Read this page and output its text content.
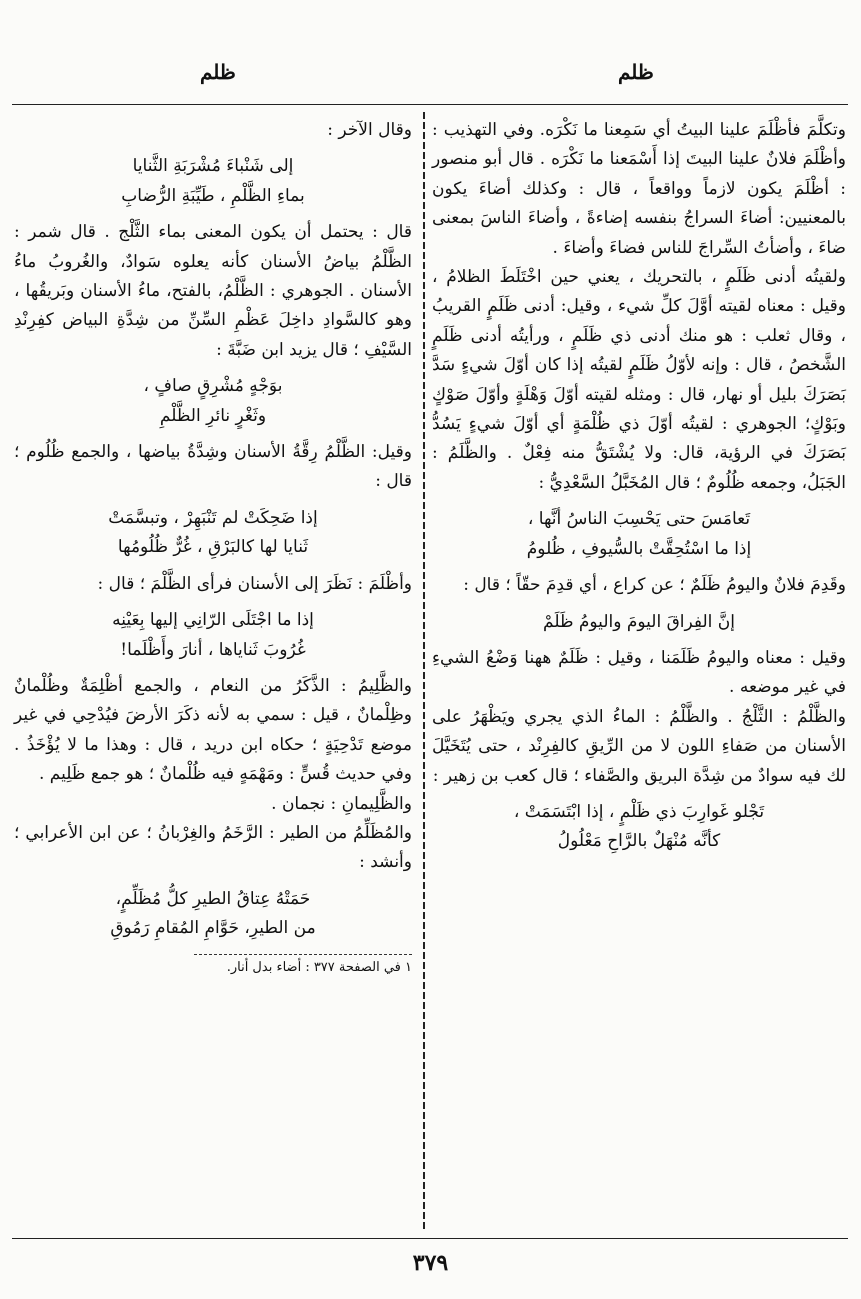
ظلم	ظلم

وتكلَّمَ فأظْلَمَ علينا البيتُ أي سَمِعنا ما نَكْرَه. وفي التهذيب : وأظْلَمَ فلانٌ علينا البيتَ إذا أَسْمَعنا ما نَكْرَه . قال أبو منصور : أظْلَمَ يكون لازماً وواقعاً ، قال : وكذلك أضاءَ يكون بالمعنيين: أضاءَ السراجُ بنفسه إضاءةً ، وأضاءَ الناسَ بمعنى ضاءَ ، وأضأتُ السِّراجَ للناس فضاءَ وأضاءَ .

ولقيتُه أدنى ظَلَمٍ ، بالتحريك ، يعني حين اخْتَلَطَ الظلامُ ، وقيل : معناه لقيته أوَّلَ كلِّ شيء ، وقيل: أدنى ظَلَمٍ القريبُ ، وقال ثعلب : هو منك أدنى ذي ظَلَمٍ ، ورأيتُه أدنى ظَلَمٍ الشَّخصُ ، قال : وإنه لأوّلُ ظَلَمٍ لقيتُه إذا كان أوّلَ شيءٍ سَدَّ بَصَرَكَ بليل أو نهار، قال : ومثله لقيته أوّلَ وَهْلَةٍ وأوّلَ صَوْكٍ وبَوْكٍ؛ الجوهري : لقيتُه أوّلَ ذي ظُلْمَةٍ أي أوّلَ شيءٍ يَسُدُّ بَصَرَكَ في الرؤية، قال: ولا يُشْتَقُّ منه فِعْلٌ . والظَّلَمُ : الجَبَلُ، وجمعه ظُلُومٌ ؛ قال المُخَبَّلُ السَّعْدِيُّ :

تَعامَسَ حتى يَحْسِبَ الناسُ أنَّها ،
إذا ما اسْتُحِقَّتْ بالسُّيوفِ ، ظُلومُ

وقَدِمَ فلانٌ واليومُ ظَلَمٌ ؛ عن كراع ، أي قدِمَ حقّاً ؛ قال :

إنَّ الفِراقَ اليومَ واليومُ ظَلَمْ

وقيل : معناه واليومُ ظَلَمَنا ، وقيل : ظَلَمٌ ههنا وَضْعُ الشيءِ في غير موضعه .

والظَّلْمُ : الثَّلْجُ . والظَّلْمُ : الماءُ الذي يجري ويَظْهَرُ على الأسنان من صَفاءِ اللون لا من الرِّيقِ كالفِرِنْد ، حتى يُتَخَيَّلَ لك فيه سوادٌ من شِدَّة البريق والصَّفاء ؛ قال كعب بن زهير :

تَجْلو غَوارِبَ ذي ظَلْمٍ ، إذا ابْتَسَمَتْ ،
كأنَّه مُنْهَلٌ بالرَّاحِ مَعْلُولُ

وقال الآخر :

إلى شَنْباءَ مُشْرَبَةِ الثَّنايا
بماءِ الظَّلْمِ ، طَيِّبَةِ الرُّضابِ

قال : يحتمل أن يكون المعنى بماء الثَّلْج . قال شمر : الظَّلْمُ بياضُ الأسنان كأنه يعلوه سَوادٌ، والغُروبُ ماءُ الأسنان . الجوهري : الظَّلْمُ، بالفتح، ماءُ الأسنان وبَريقُها ، وهو كالسَّوادِ داخِلَ عَظْمِ السِّنِّ من شِدَّةِ البياض كفِرِنْدِ السَّيْفِ ؛ قال يزيد ابن ضَبَّةَ :

بوَجْهٍ مُشْرِقٍ صافٍ ،
وثَغْرٍ نائرِ الظَّلْمِ

وقيل: الظَّلْمُ رِقَّةُ الأسنان وشِدَّةُ بياضها ، والجمع ظُلُوم ؛ قال :

إذا ضَحِكَتْ لم تَنْبَهِرْ ، وتبسَّمَتْ
ثَنايا لها كالبَرْقِ ، غُرٌّ ظُلُومُها

وأظْلَمَ : نَظَرَ إلى الأسنان فرأى الظَّلْمَ ؛ قال :

إذا ما اجْتَلَى الرّانِي إليها بِعَيْنِه
غُرُوبَ ثَناياها ، أنارَ وأَظْلَما!

والظَّلِيمُ : الذَّكَرُ من النعام ، والجمع أظْلِمَةٌ وظُلْمانٌ وظِلْمانٌ ، قيل : سمي به لأنه ذكَرَ الأرضَ فيُدْحِي في غير موضع تَدْحِيَةٍ ؛ حكاه ابن دريد ، قال : وهذا ما لا يُؤْخَذُ . وفي حديث قُسٍّ : ومَهْمَهٍ فيه ظُلْمانٌ ؛ هو جمع ظَلِيم .

والظَّلِيمانِ : نجمان .

والمُظَلِّمُ من الطير : الرَّخَمُ والغِرْبانُ ؛ عن ابن الأعرابي ؛ وأنشد :

حَمَتْهُ عِتاقُ الطيرِ كلُّ مُظَلِّمٍ،
من الطيرِ، حَوَّامِ المُقامِ رَمُوقِ
١ في الصفحة ٣٧٧ : أضاء بدل أنار.
٣٧٩
